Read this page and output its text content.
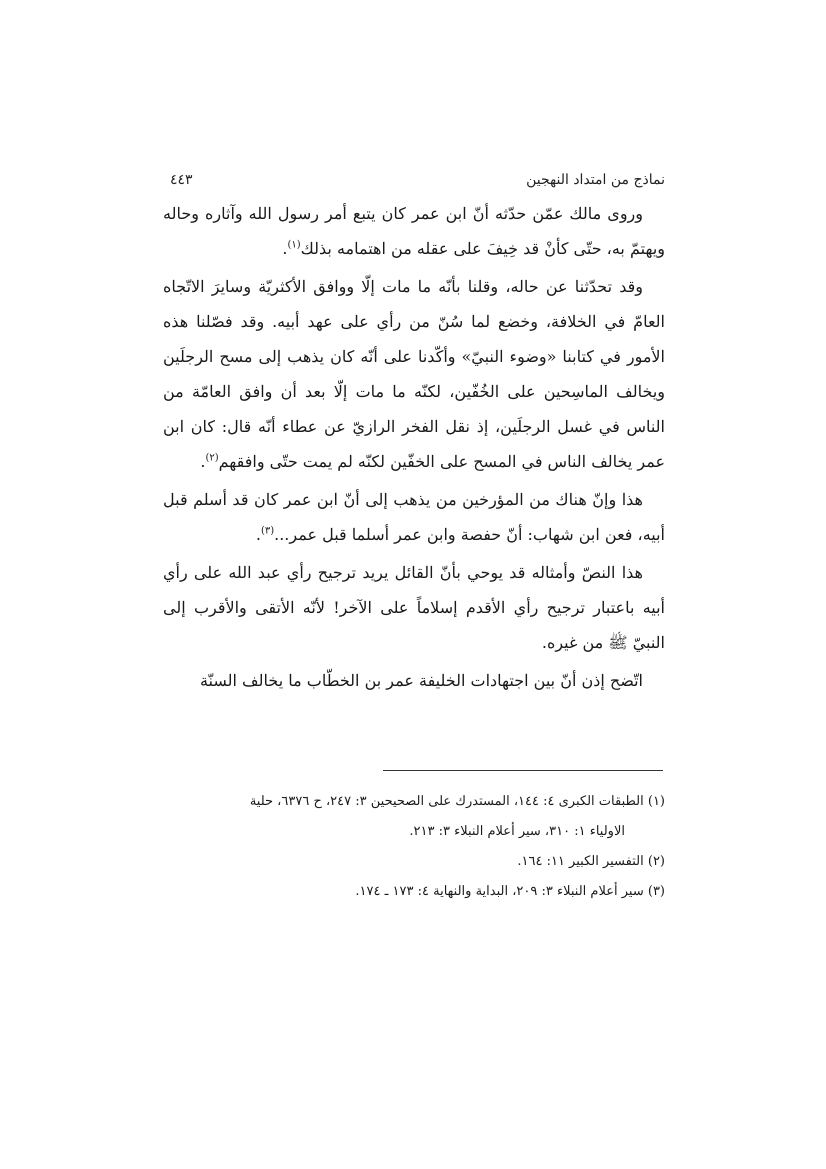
نماذج من امتداد النهجين
٤٤٣

وروى مالك عمّن حدّثه أنّ ابن عمر كان يتبع أمر رسول الله وآثاره وحاله ويهتمّ به، حتّى كأنْ قد خِيفَ على عقله من اهتمامه بذلك$^{(١)}$.

وقد تحدّثنا عن حاله، وقلنا بأنّه ما مات إلّا ووافق الأكثريّة وسايرَ الاتّجاه العامّ في الخلافة، وخضع لما سُنّ من رأي على عهد أبيه. وقد فصّلنا هذه الأمور في كتابنا «وضوء النبيّ» وأكّدنا على أنّه كان يذهب إلى مسح الرجلَين ويخالف الماسِحين على الخُفّين، لكنّه ما مات إلّا بعد أن وافق العامّة من الناس في غسل الرجلَين، إذ نقل الفخر الرازيّ عن عطاء أنّه قال: كان ابن عمر يخالف الناس في المسح على الخفّين لكنّه لم يمت حتّى وافقهم$^{(٢)}$.

هذا وإنّ هناك من المؤرخين من يذهب إلى أنّ ابن عمر كان قد أسلم قبل أبيه، فعن ابن شهاب: أنّ حفصة وابن عمر أسلما قبل عمر...$^{(٣)}$.

هذا النصّ وأمثاله قد يوحي بأنّ القائل يريد ترجيح رأي عبد الله على رأي أبيه باعتبار ترجيح رأي الأقدم إسلاماً على الآخر! لأنّه الأتقى والأقرب إلى النبيّ ﷺ من غيره.

اتّضح إذن أنّ بين اجتهادات الخليفة عمر بن الخطّاب ما يخالف السنّة

(١) الطبقات الكبرى ٤: ١٤٤، المستدرك على الصحيحين ٣: ٢٤٧، ح ٦٣٧٦، حلية
الاولياء ١: ٣١٠، سير أعلام النبلاء ٣: ٢١٣.

(٢) التفسير الكبير ١١: ١٦٤.

(٣) سير أعلام النبلاء ٣: ٢٠٩، البداية والنهاية ٤: ١٧٣ ـ ١٧٤.
